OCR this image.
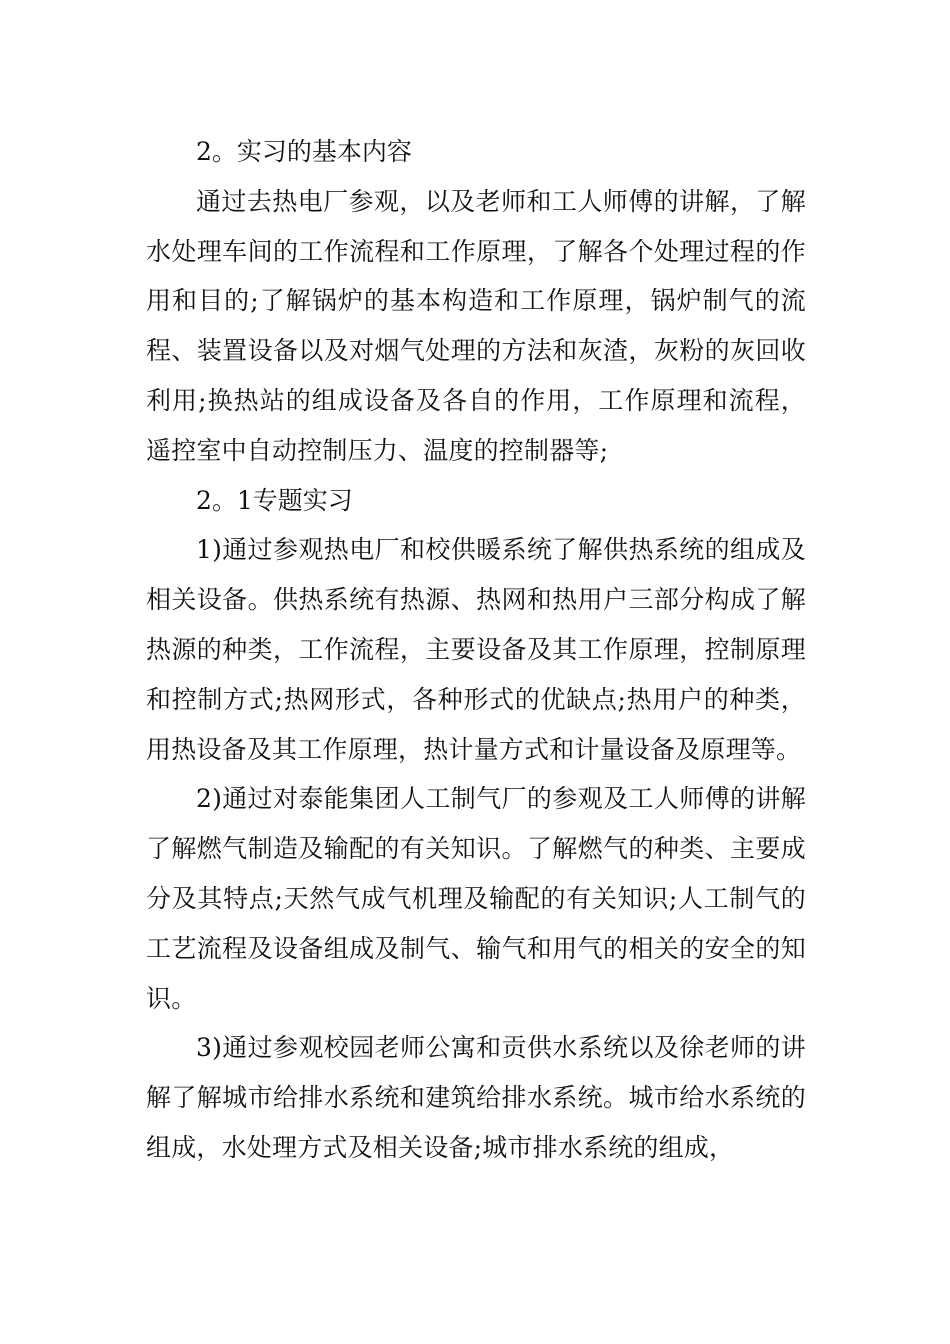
2。实习的基本内容

通过去热电厂参观，以及老师和工人师傅的讲解，了解水处理车间的工作流程和工作原理，了解各个处理过程的作用和目的;了解锅炉的基本构造和工作原理，锅炉制气的流程、装置设备以及对烟气处理的方法和灰渣，灰粉的灰回收利用;换热站的组成设备及各自的作用，工作原理和流程，遥控室中自动控制压力、温度的控制器等;

2。1专题实习

1)通过参观热电厂和校供暖系统了解供热系统的组成及相关设备。供热系统有热源、热网和热用户三部分构成了解热源的种类，工作流程，主要设备及其工作原理，控制原理和控制方式;热网形式，各种形式的优缺点;热用户的种类，用热设备及其工作原理，热计量方式和计量设备及原理等。

2)通过对泰能集团人工制气厂的参观及工人师傅的讲解了解燃气制造及输配的有关知识。了解燃气的种类、主要成分及其特点;天然气成气机理及输配的有关知识;人工制气的工艺流程及设备组成及制气、输气和用气的相关的安全的知识。

3)通过参观校园老师公寓和贡供水系统以及徐老师的讲解了解城市给排水系统和建筑给排水系统。城市给水系统的组成，水处理方式及相关设备;城市排水系统的组成，
